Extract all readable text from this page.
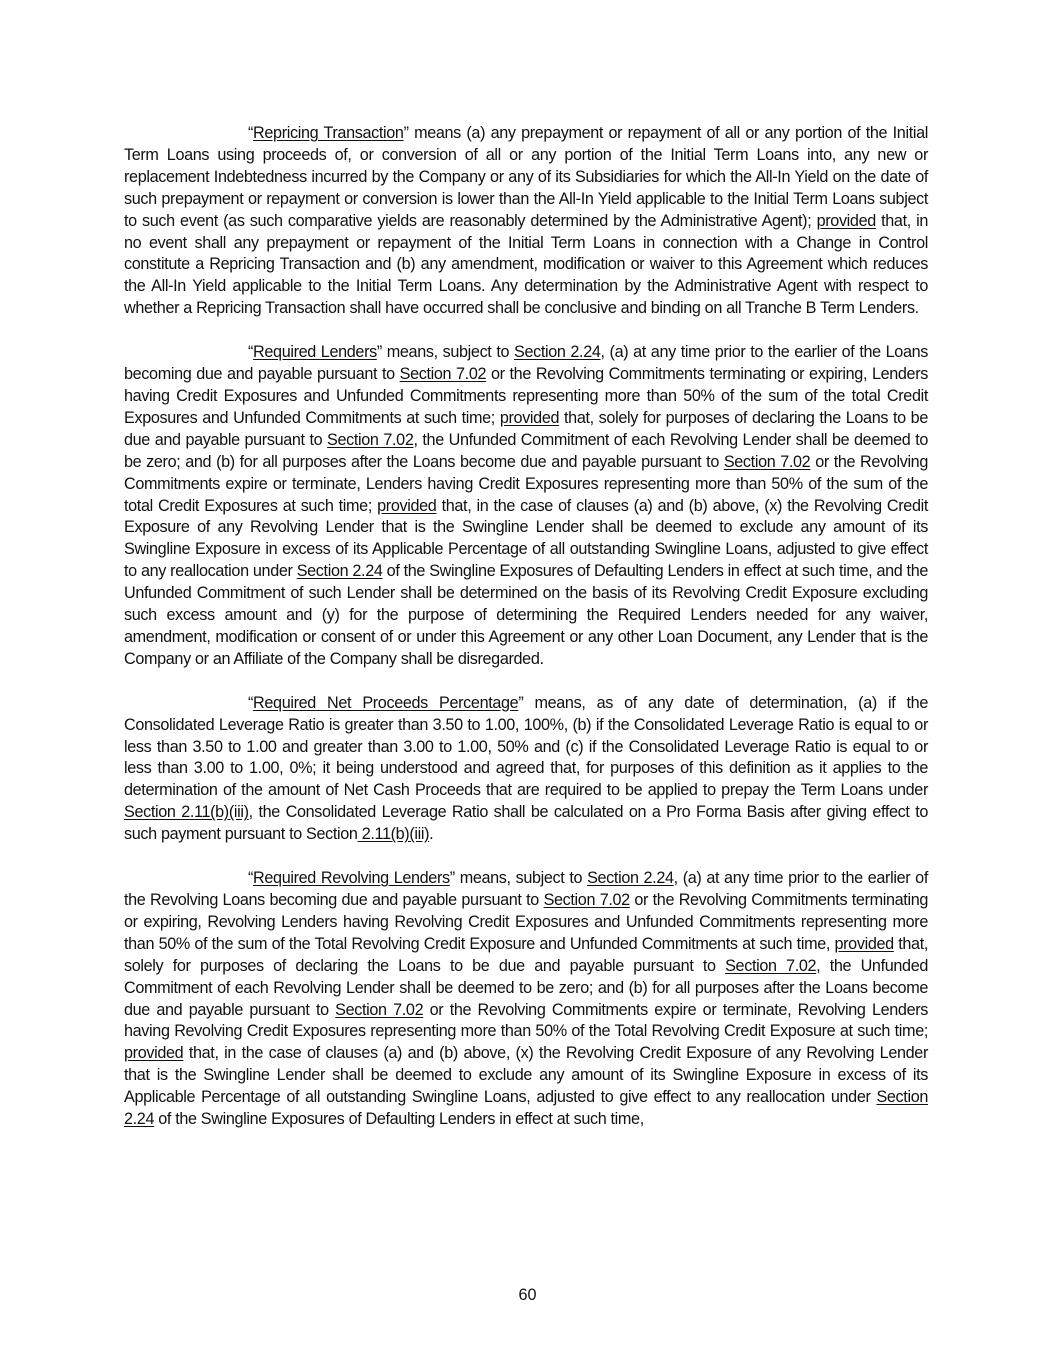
“Repricing Transaction” means (a) any prepayment or repayment of all or any portion of the Initial Term Loans using proceeds of, or conversion of all or any portion of the Initial Term Loans into, any new or replacement Indebtedness incurred by the Company or any of its Subsidiaries for which the All-In Yield on the date of such prepayment or repayment or conversion is lower than the All-In Yield applicable to the Initial Term Loans subject to such event (as such comparative yields are reasonably determined by the Administrative Agent); provided that, in no event shall any prepayment or repayment of the Initial Term Loans in connection with a Change in Control constitute a Repricing Transaction and (b) any amendment, modification or waiver to this Agreement which reduces the All-In Yield applicable to the Initial Term Loans. Any determination by the Administrative Agent with respect to whether a Repricing Transaction shall have occurred shall be conclusive and binding on all Tranche B Term Lenders.

“Required Lenders” means, subject to Section 2.24, (a) at any time prior to the earlier of the Loans becoming due and payable pursuant to Section 7.02 or the Revolving Commitments terminating or expiring, Lenders having Credit Exposures and Unfunded Commitments representing more than 50% of the sum of the total Credit Exposures and Unfunded Commitments at such time; provided that, solely for purposes of declaring the Loans to be due and payable pursuant to Section 7.02, the Unfunded Commitment of each Revolving Lender shall be deemed to be zero; and (b) for all purposes after the Loans become due and payable pursuant to Section 7.02 or the Revolving Commitments expire or terminate, Lenders having Credit Exposures representing more than 50% of the sum of the total Credit Exposures at such time; provided that, in the case of clauses (a) and (b) above, (x) the Revolving Credit Exposure of any Revolving Lender that is the Swingline Lender shall be deemed to exclude any amount of its Swingline Exposure in excess of its Applicable Percentage of all outstanding Swingline Loans, adjusted to give effect to any reallocation under Section 2.24 of the Swingline Exposures of Defaulting Lenders in effect at such time, and the Unfunded Commitment of such Lender shall be determined on the basis of its Revolving Credit Exposure excluding such excess amount and (y) for the purpose of determining the Required Lenders needed for any waiver, amendment, modification or consent of or under this Agreement or any other Loan Document, any Lender that is the Company or an Affiliate of the Company shall be disregarded.

“Required Net Proceeds Percentage” means, as of any date of determination, (a) if the Consolidated Leverage Ratio is greater than 3.50 to 1.00, 100%, (b) if the Consolidated Leverage Ratio is equal to or less than 3.50 to 1.00 and greater than 3.00 to 1.00, 50% and (c) if the Consolidated Leverage Ratio is equal to or less than 3.00 to 1.00, 0%; it being understood and agreed that, for purposes of this definition as it applies to the determination of the amount of Net Cash Proceeds that are required to be applied to prepay the Term Loans under Section 2.11(b)(iii), the Consolidated Leverage Ratio shall be calculated on a Pro Forma Basis after giving effect to such payment pursuant to Section 2.11(b)(iii).

“Required Revolving Lenders” means, subject to Section 2.24, (a) at any time prior to the earlier of the Revolving Loans becoming due and payable pursuant to Section 7.02 or the Revolving Commitments terminating or expiring, Revolving Lenders having Revolving Credit Exposures and Unfunded Commitments representing more than 50% of the sum of the Total Revolving Credit Exposure and Unfunded Commitments at such time, provided that, solely for purposes of declaring the Loans to be due and payable pursuant to Section 7.02, the Unfunded Commitment of each Revolving Lender shall be deemed to be zero; and (b) for all purposes after the Loans become due and payable pursuant to Section 7.02 or the Revolving Commitments expire or terminate, Revolving Lenders having Revolving Credit Exposures representing more than 50% of the Total Revolving Credit Exposure at such time; provided that, in the case of clauses (a) and (b) above, (x) the Revolving Credit Exposure of any Revolving Lender that is the Swingline Lender shall be deemed to exclude any amount of its Swingline Exposure in excess of its Applicable Percentage of all outstanding Swingline Loans, adjusted to give effect to any reallocation under Section 2.24 of the Swingline Exposures of Defaulting Lenders in effect at such time,

60
